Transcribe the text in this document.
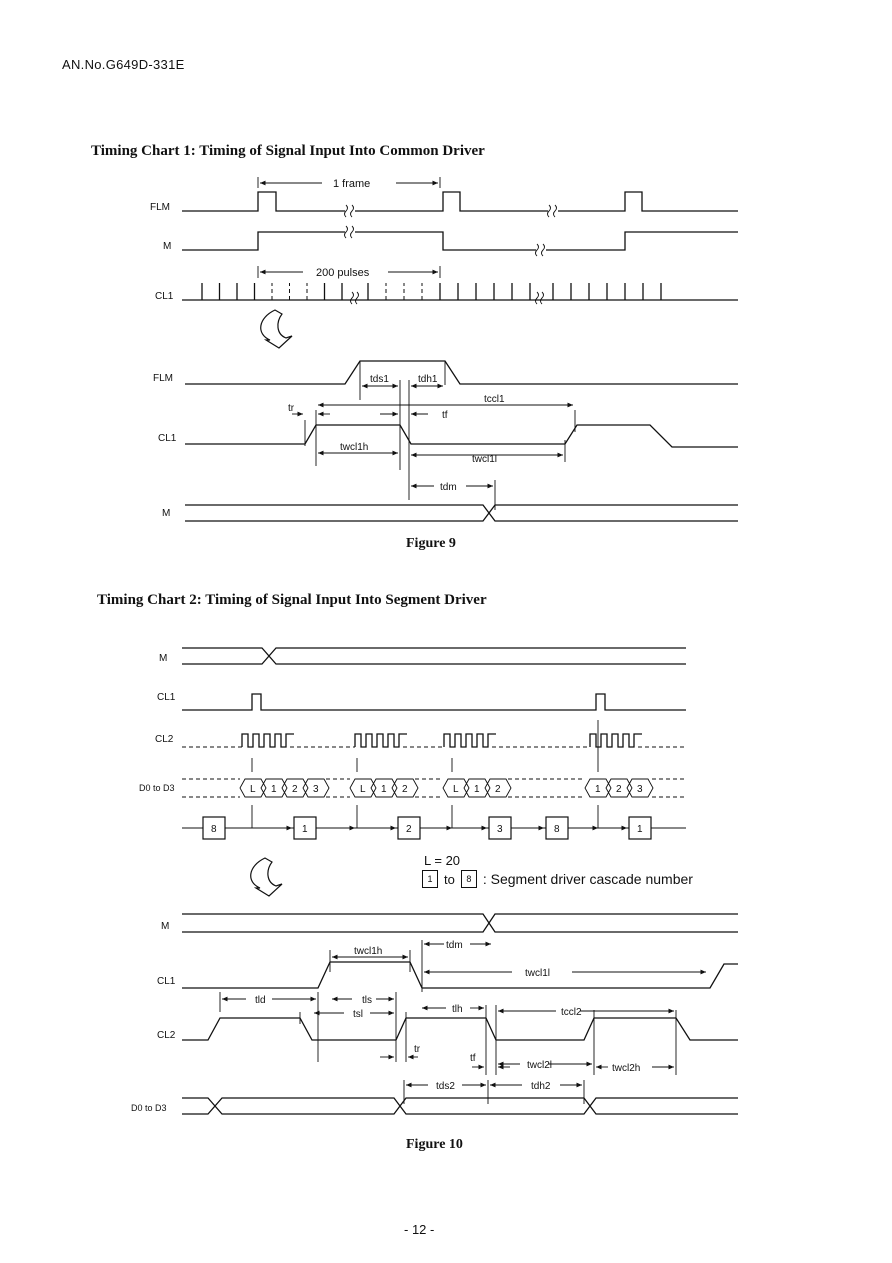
AN.No.G649D-331E
Timing Chart 1: Timing of Signal Input Into Common Driver
Timing Chart 2: Timing of Signal Input Into Segment Driver
Figure 9
Figure 10
- 12 -
L = 20
1 to	8 : Segment driver cascade number
FLM
M
CL1
1 frame
200 pulses
FLM
CL1
M
tds1	tdh1
tccl1
tr
tf
twcl1h
twcl1l
tdm
M
CL1
CL2
D0 to D3	L 1 2 3	L 1 2	L 1 2	1 2 3
8	1	2	3	8	1
M
CL1
CL2
D0 to D3
twcl1h
tdm
twcl1l
tld	tls
tsl	tlh	tccl2
tr
tf
twcl2l	twcl2h
tds2	tdh2
